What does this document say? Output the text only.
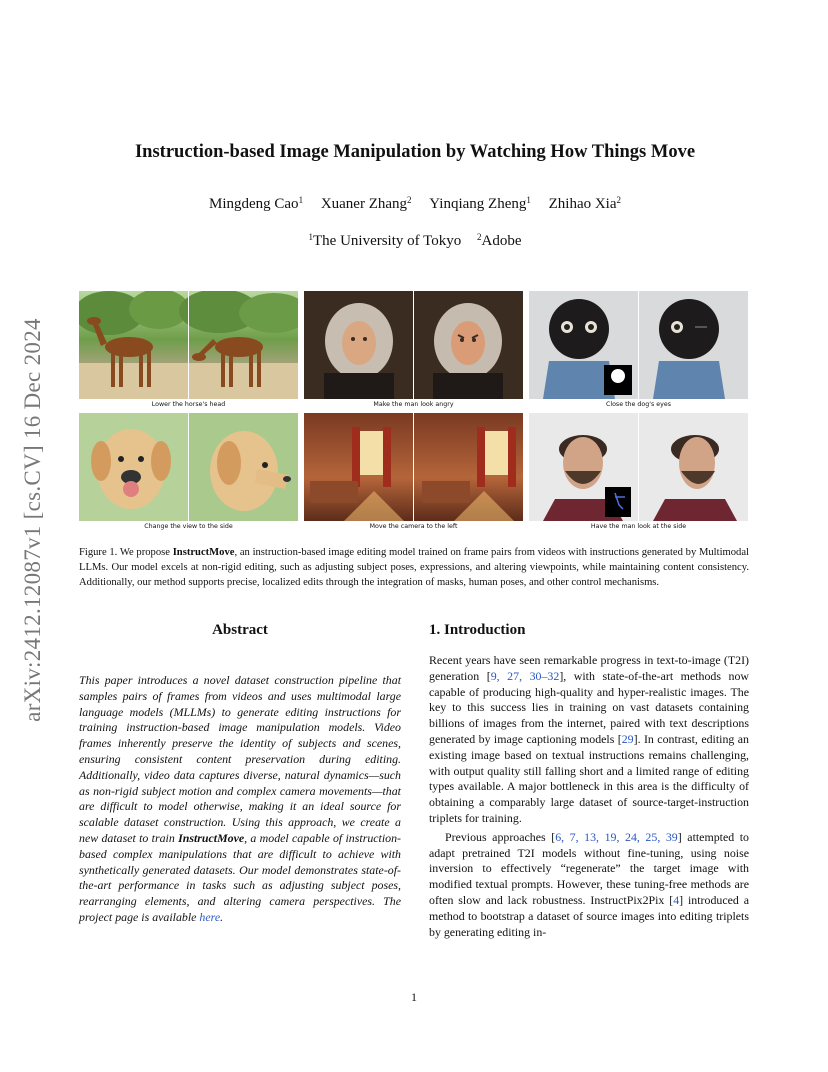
arXiv:2412.12087v1 [cs.CV] 16 Dec 2024
Instruction-based Image Manipulation by Watching How Things Move
Mingdeng Cao$^1$ Xuaner Zhang$^2$ Yinqiang Zheng$^1$ Zhihao Xia$^2$
$^1$The University of Tokyo $^2$Adobe
Lower the horse's head	Make the man look angry	Close the dog's eyes
Change the view to the side	Move the camera to the left	Have the man look at the side
Figure 1. We propose InstructMove, an instruction-based image editing model trained on frame pairs from videos with instructions generated by Multimodal LLMs. Our model excels at non-rigid editing, such as adjusting subject poses, expressions, and altering viewpoints, while maintaining content consistency. Additionally, our method supports precise, localized edits through the integration of masks, human poses, and other control mechanisms.
Abstract
This paper introduces a novel dataset construction pipeline that samples pairs of frames from videos and uses multimodal large language models (MLLMs) to generate editing instructions for training instruction-based image manipulation models. Video frames inherently preserve the identity of subjects and scenes, ensuring consistent content preservation during editing. Additionally, video data captures diverse, natural dynamics—such as non-rigid subject motion and complex camera movements—that are difficult to model otherwise, making it an ideal source for scalable dataset construction. Using this approach, we create a new dataset to train InstructMove, a model capable of instruction-based complex manipulations that are difficult to achieve with synthetically generated datasets. Our model demonstrates state-of-the-art performance in tasks such as adjusting subject poses, rearranging elements, and altering camera perspectives. The project page is available here.
1. Introduction

Recent years have seen remarkable progress in text-to-image (T2I) generation [9, 27, 30–32], with state-of-the-art methods now capable of producing high-quality and hyper-realistic images. The key to this success lies in training on vast datasets containing billions of images from the internet, paired with text descriptions generated by image captioning models [29]. In contrast, editing an existing image based on textual instructions remains challenging, with output quality still falling short and a limited range of editing types available. A major bottleneck in this area is the difficulty of obtaining a comparably large dataset of source-target-instruction triplets for training.

Previous approaches [6, 7, 13, 19, 24, 25, 39] attempted to adapt pretrained T2I models without fine-tuning, using noise inversion to effectively “regenerate” the target image with modified textual prompts. However, these tuning-free methods are often slow and lack robustness. InstructPix2Pix [4] introduced a method to bootstrap a dataset of source images into editing triplets by generating editing in-

1
